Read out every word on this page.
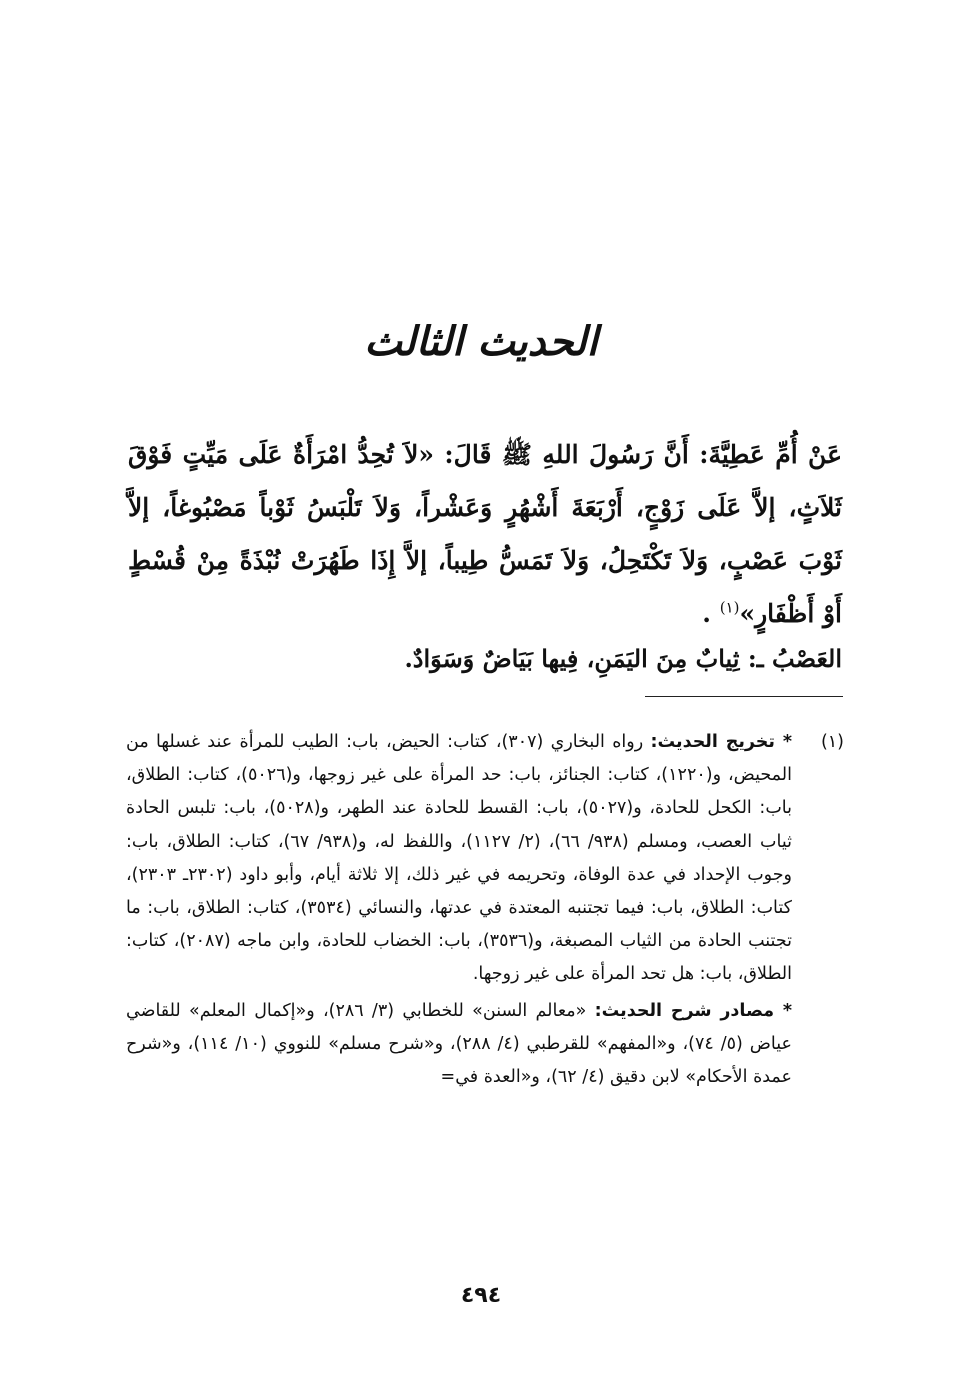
الحديث الثالث
عَنْ أُمِّ عَطِيَّةَ: أَنَّ رَسُولَ اللهِ ﷺ قَالَ: «لاَ تُحِدُّ امْرَأَةٌ عَلَى مَيِّتٍ فَوْقَ ثَلاَثٍ، إلاَّ عَلَى زَوْجٍ، أَرْبَعَةَ أَشْهُرٍ وَعَشْراً، وَلاَ تَلْبَسُ ثَوْباً مَصْبُوغاً، إلاَّ ثَوْبَ عَصْبٍ، وَلاَ تَكْتَحِلُ، وَلاَ تَمَسُّ طِيباً، إلاَّ إِذَا طَهُرَتْ نُبْذَةً مِنْ قُسْطٍ أَوْ أَظْفَارٍ»$^{(١)}$ .
العَصْبُ ـ: ثِيابٌ مِنَ اليَمَنِ، فِيها بَيَاضٌ وَسَوَادٌ.
(١)
* تخريج الحديث: رواه البخاري (٣٠٧)، كتاب: الحيض، باب: الطيب للمرأة عند غسلها من المحيض، و(١٢٢٠)، كتاب: الجنائز، باب: حد المرأة على غير زوجها، و(٥٠٢٦)، كتاب: الطلاق، باب: الكحل للحادة، و(٥٠٢٧)، باب: القسط للحادة عند الطهر، و(٥٠٢٨)، باب: تلبس الحادة ثياب العصب، ومسلم (٩٣٨/ ٦٦)، (٢/ ١١٢٧)، واللفظ له، و(٩٣٨/ ٦٧)، كتاب: الطلاق، باب: وجوب الإحداد في عدة الوفاة، وتحريمه في غير ذلك، إلا ثلاثة أيام، وأبو داود (٢٣٠٢ـ ٢٣٠٣)، كتاب: الطلاق، باب: فيما تجتنبه المعتدة في عدتها، والنسائي (٣٥٣٤)، كتاب: الطلاق، باب: ما تجتنب الحادة من الثياب المصبغة، و(٣٥٣٦)، باب: الخضاب للحادة، وابن ماجه (٢٠٨٧)، كتاب: الطلاق، باب: هل تحد المرأة على غير زوجها.
* مصادر شرح الحديث: «معالم السنن» للخطابي (٣/ ٢٨٦)، و«إكمال المعلم» للقاضي عياض (٥/ ٧٤)، و«المفهم» للقرطبي (٤/ ٢٨٨)، و«شرح مسلم» للنووي (١٠/ ١١٤)، و«شرح عمدة الأحكام» لابن دقيق (٤/ ٦٢)، و«العدة في=
٤٩٤
